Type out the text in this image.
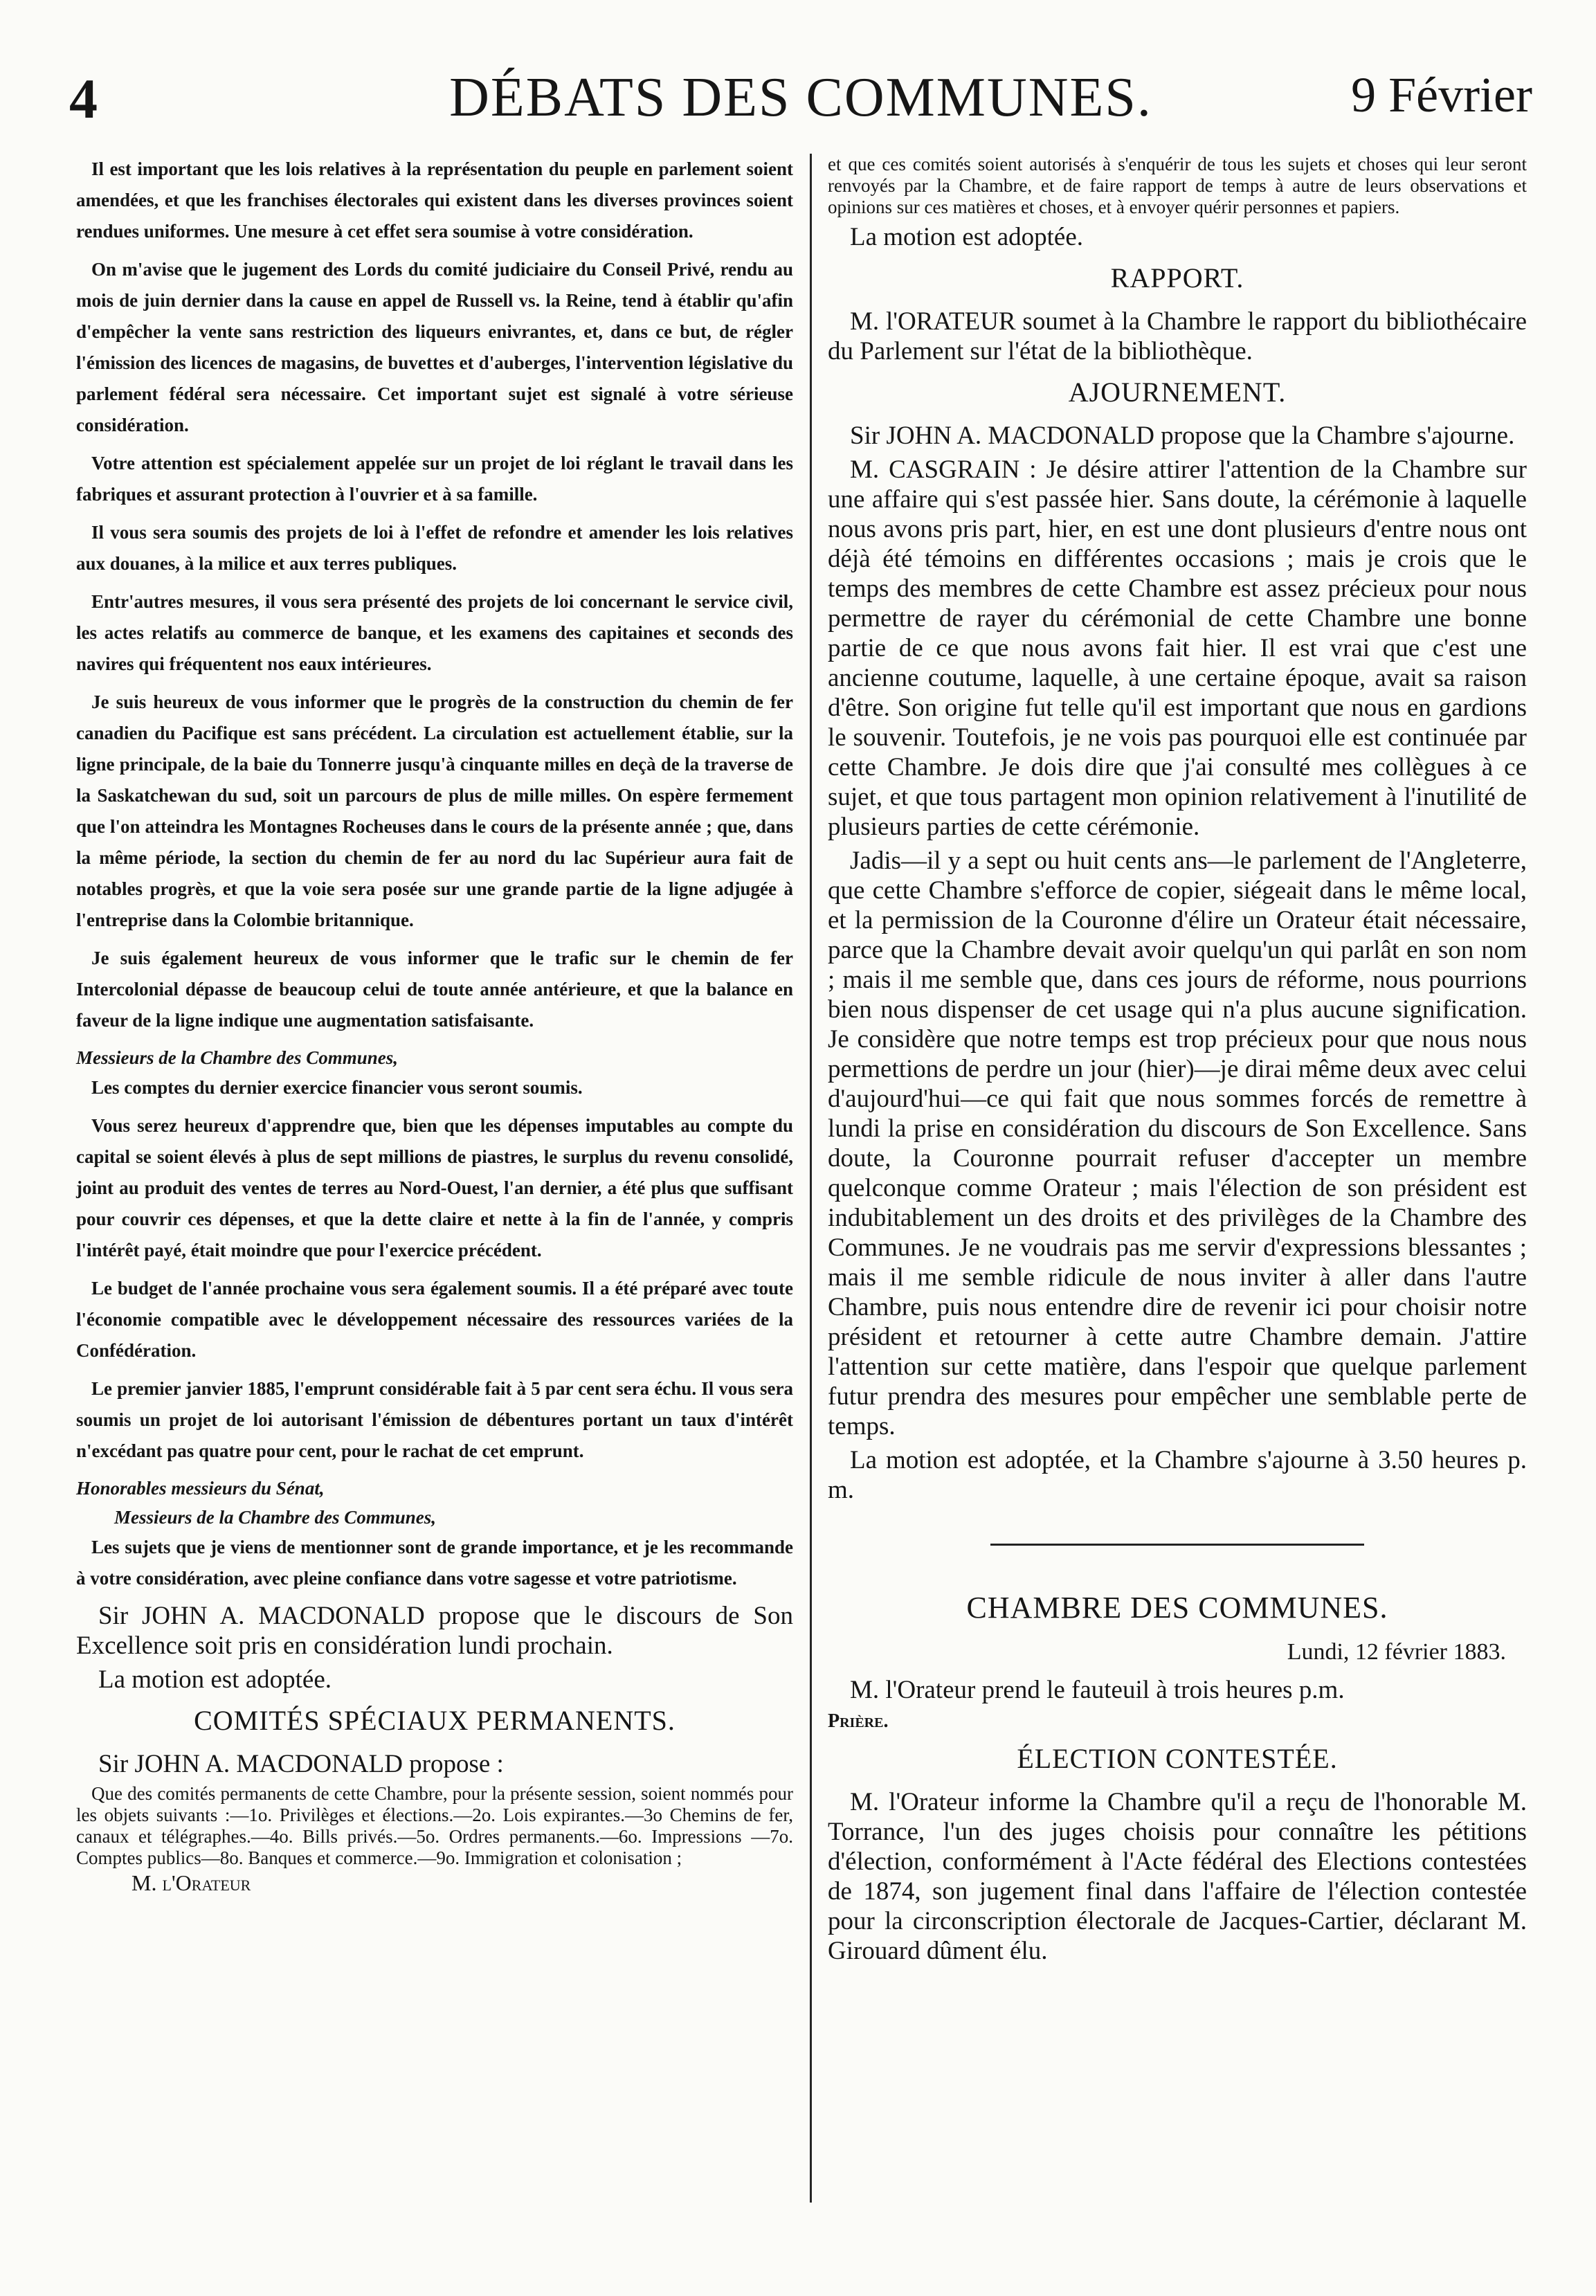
4	DÉBATS DES COMMUNES.	9 Février

Il est important que les lois relatives à la représentation du peuple en parlement soient amendées, et que les franchises électorales qui existent dans les diverses provinces soient rendues uniformes. Une mesure à cet effet sera soumise à votre considération.

On m'avise que le jugement des Lords du comité judiciaire du Conseil Privé, rendu au mois de juin dernier dans la cause en appel de Russell vs. la Reine, tend à établir qu'afin d'empêcher la vente sans restriction des liqueurs enivrantes, et, dans ce but, de régler l'émission des licences de magasins, de buvettes et d'auberges, l'intervention législative du parlement fédéral sera nécessaire. Cet important sujet est signalé à votre sérieuse considération.

Votre attention est spécialement appelée sur un projet de loi réglant le travail dans les fabriques et assurant protection à l'ouvrier et à sa famille.

Il vous sera soumis des projets de loi à l'effet de refondre et amender les lois relatives aux douanes, à la milice et aux terres publiques.

Entr'autres mesures, il vous sera présenté des projets de loi concernant le service civil, les actes relatifs au commerce de banque, et les examens des capitaines et seconds des navires qui fréquentent nos eaux intérieures.

Je suis heureux de vous informer que le progrès de la construction du chemin de fer canadien du Pacifique est sans précédent. La circulation est actuellement établie, sur la ligne principale, de la baie du Tonnerre jusqu'à cinquante milles en deçà de la traverse de la Saskatchewan du sud, soit un parcours de plus de mille milles. On espère fermement que l'on atteindra les Montagnes Rocheuses dans le cours de la présente année ; que, dans la même période, la section du chemin de fer au nord du lac Supérieur aura fait de notables progrès, et que la voie sera posée sur une grande partie de la ligne adjugée à l'entreprise dans la Colombie britannique.

Je suis également heureux de vous informer que le trafic sur le chemin de fer Intercolonial dépasse de beaucoup celui de toute année antérieure, et que la balance en faveur de la ligne indique une augmentation satisfaisante.

Messieurs de la Chambre des Communes,

Les comptes du dernier exercice financier vous seront soumis.

Vous serez heureux d'apprendre que, bien que les dépenses imputables au compte du capital se soient élevés à plus de sept millions de piastres, le surplus du revenu consolidé, joint au produit des ventes de terres au Nord-Ouest, l'an dernier, a été plus que suffisant pour couvrir ces dépenses, et que la dette claire et nette à la fin de l'année, y compris l'intérêt payé, était moindre que pour l'exercice précédent.

Le budget de l'année prochaine vous sera également soumis. Il a été préparé avec toute l'économie compatible avec le développement nécessaire des ressources variées de la Confédération.

Le premier janvier 1885, l'emprunt considérable fait à 5 par cent sera échu. Il vous sera soumis un projet de loi autorisant l'émission de débentures portant un taux d'intérêt n'excédant pas quatre pour cent, pour le rachat de cet emprunt.

Honorables messieurs du Sénat,

Messieurs de la Chambre des Communes,

Les sujets que je viens de mentionner sont de grande importance, et je les recommande à votre considération, avec pleine confiance dans votre sagesse et votre patriotisme.

Sir JOHN A. MACDONALD propose que le discours de Son Excellence soit pris en considération lundi prochain.

La motion est adoptée.

COMITÉS SPÉCIAUX PERMANENTS.

Sir JOHN A. MACDONALD propose :

Que des comités permanents de cette Chambre, pour la présente session, soient nommés pour les objets suivants :—1o. Privilèges et élections.—2o. Lois expirantes.—3o Chemins de fer, canaux et télégraphes.—4o. Bills privés.—5o. Ordres permanents.—6o. Impressions —7o. Comptes publics—8o. Banques et commerce.—9o. Immigration et colonisation ;

M. l'Orateur

et que ces comités soient autorisés à s'enquérir de tous les sujets et choses qui leur seront renvoyés par la Chambre, et de faire rapport de temps à autre de leurs observations et opinions sur ces matières et choses, et à envoyer quérir personnes et papiers.

La motion est adoptée.

RAPPORT.

M. l'ORATEUR soumet à la Chambre le rapport du bibliothécaire du Parlement sur l'état de la bibliothèque.

AJOURNEMENT.

Sir JOHN A. MACDONALD propose que la Chambre s'ajourne.

M. CASGRAIN : Je désire attirer l'attention de la Chambre sur une affaire qui s'est passée hier. Sans doute, la cérémonie à laquelle nous avons pris part, hier, en est une dont plusieurs d'entre nous ont déjà été témoins en différentes occasions ; mais je crois que le temps des membres de cette Chambre est assez précieux pour nous permettre de rayer du cérémonial de cette Chambre une bonne partie de ce que nous avons fait hier. Il est vrai que c'est une ancienne coutume, laquelle, à une certaine époque, avait sa raison d'être. Son origine fut telle qu'il est important que nous en gardions le souvenir. Toutefois, je ne vois pas pourquoi elle est continuée par cette Chambre. Je dois dire que j'ai consulté mes collègues à ce sujet, et que tous partagent mon opinion relativement à l'inutilité de plusieurs parties de cette cérémonie.

Jadis—il y a sept ou huit cents ans—le parlement de l'Angleterre, que cette Chambre s'efforce de copier, siégeait dans le même local, et la permission de la Couronne d'élire un Orateur était nécessaire, parce que la Chambre devait avoir quelqu'un qui parlât en son nom ; mais il me semble que, dans ces jours de réforme, nous pourrions bien nous dispenser de cet usage qui n'a plus aucune signification. Je considère que notre temps est trop précieux pour que nous nous permettions de perdre un jour (hier)—je dirai même deux avec celui d'aujourd'hui—ce qui fait que nous sommes forcés de remettre à lundi la prise en considération du discours de Son Excellence. Sans doute, la Couronne pourrait refuser d'accepter un membre quelconque comme Orateur ; mais l'élection de son président est indubitablement un des droits et des privilèges de la Chambre des Communes. Je ne voudrais pas me servir d'expressions blessantes ; mais il me semble ridicule de nous inviter à aller dans l'autre Chambre, puis nous entendre dire de revenir ici pour choisir notre président et retourner à cette autre Chambre demain. J'attire l'attention sur cette matière, dans l'espoir que quelque parlement futur prendra des mesures pour empêcher une semblable perte de temps.

La motion est adoptée, et la Chambre s'ajourne à 3.50 heures p. m.

CHAMBRE DES COMMUNES.
Lundi, 12 février 1883.

M. l'Orateur prend le fauteuil à trois heures p.m.

Prière.
ÉLECTION CONTESTÉE.

M. l'Orateur informe la Chambre qu'il a reçu de l'honorable M. Torrance, l'un des juges choisis pour connaître les pétitions d'élection, conformément à l'Acte fédéral des Elections contestées de 1874, son jugement final dans l'affaire de l'élection contestée pour la circonscription électorale de Jacques-Cartier, déclarant M. Girouard dûment élu.
